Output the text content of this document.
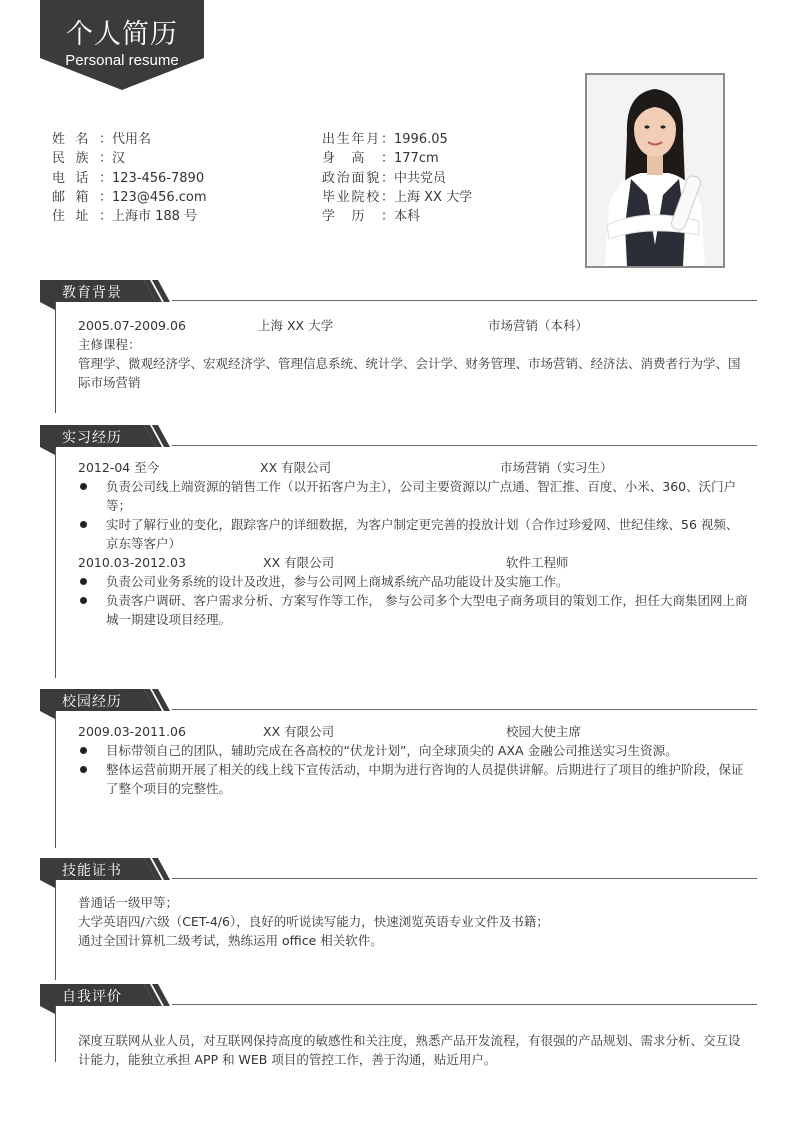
个人简历
Personal resume
姓名：代用名
民族：汉
电话：123-456-7890
邮箱：123@456.com
住址：上海市 188 号
出生年月：1996.05
身高：177cm
政治面貌：中共党员
毕业院校：上海 XX 大学
学历：本科
教育背景
2005.07-2009.06	上海 XX 大学	市场营销（本科）
主修课程：
管理学、微观经济学、宏观经济学、管理信息系统、统计学、会计学、财务管理、市场营销、经济法、消费者行为学、国际市场营销
实习经历
2012-04 至今	XX 有限公司	市场营销（实习生）
负责公司线上端资源的销售工作（以开拓客户为主），公司主要资源以广点通、智汇推、百度、小米、360、沃门户等；
实时了解行业的变化，跟踪客户的详细数据，为客户制定更完善的投放计划（合作过珍爱网、世纪佳缘、56 视频、京东等客户）
2010.03-2012.03	XX 有限公司	软件工程师
负责公司业务系统的设计及改进，参与公司网上商城系统产品功能设计及实施工作。
负责客户调研、客户需求分析、方案写作等工作， 参与公司多个大型电子商务项目的策划工作，担任大商集团网上商城一期建设项目经理。
校园经历
2009.03-2011.06	XX 有限公司	校园大使主席
目标带领自己的团队，辅助完成在各高校的“伏龙计划”，向全球顶尖的 AXA 金融公司推送实习生资源。
整体运营前期开展了相关的线上线下宣传活动，中期为进行咨询的人员提供讲解。后期进行了项目的维护阶段，保证了整个项目的完整性。
技能证书
普通话一级甲等；
大学英语四/六级（CET-4/6），良好的听说读写能力，快速浏览英语专业文件及书籍；
通过全国计算机二级考试，熟练运用 office 相关软件。
自我评价
深度互联网从业人员，对互联网保持高度的敏感性和关注度，熟悉产品开发流程，有很强的产品规划、需求分析、交互设计能力，能独立承担 APP 和 WEB 项目的管控工作，善于沟通，贴近用户。
